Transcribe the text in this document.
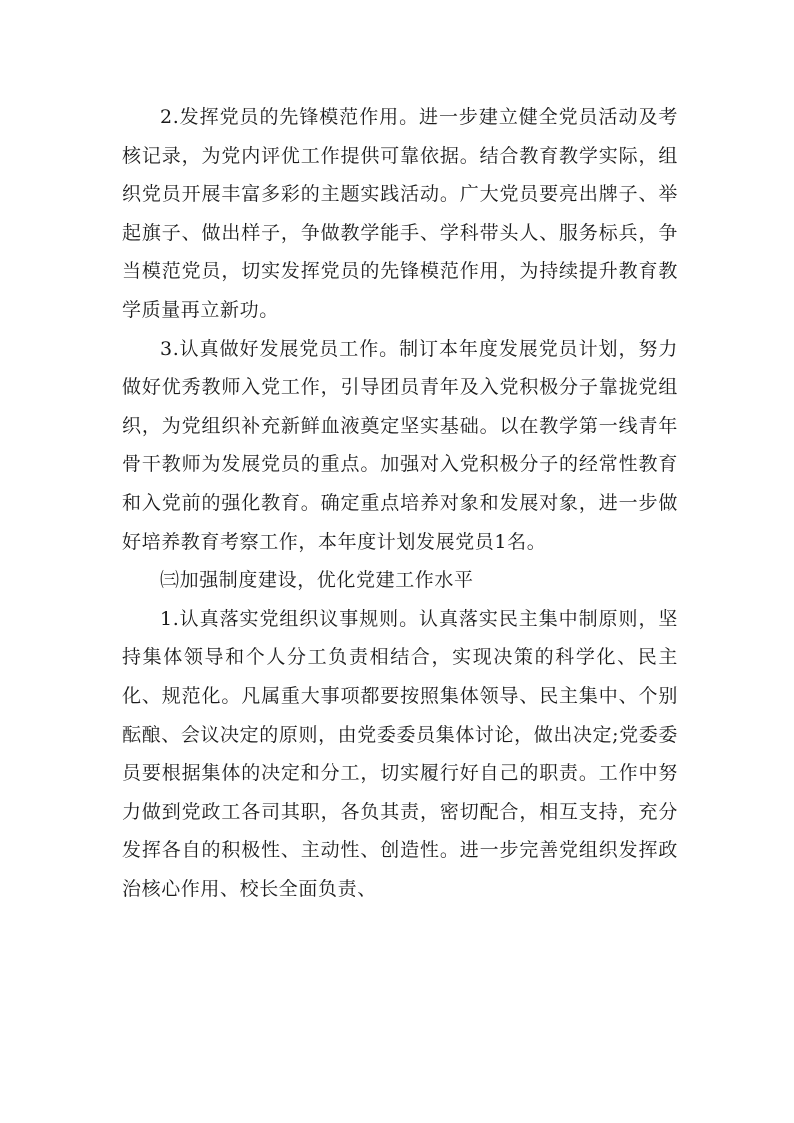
2.发挥党员的先锋模范作用。进一步建立健全党员活动及考核记录，为党内评优工作提供可靠依据。结合教育教学实际，组织党员开展丰富多彩的主题实践活动。广大党员要亮出牌子、举起旗子、做出样子，争做教学能手、学科带头人、服务标兵，争当模范党员，切实发挥党员的先锋模范作用，为持续提升教育教学质量再立新功。

3.认真做好发展党员工作。制订本年度发展党员计划，努力做好优秀教师入党工作，引导团员青年及入党积极分子靠拢党组织，为党组织补充新鲜血液奠定坚实基础。以在教学第一线青年骨干教师为发展党员的重点。加强对入党积极分子的经常性教育和入党前的强化教育。确定重点培养对象和发展对象，进一步做好培养教育考察工作，本年度计划发展党员1名。

㈢加强制度建设，优化党建工作水平

1.认真落实党组织议事规则。认真落实民主集中制原则，坚持集体领导和个人分工负责相结合，实现决策的科学化、民主化、规范化。凡属重大事项都要按照集体领导、民主集中、个别酝酿、会议决定的原则，由党委委员集体讨论，做出决定;党委委员要根据集体的决定和分工，切实履行好自己的职责。工作中努力做到党政工各司其职，各负其责，密切配合，相互支持，充分发挥各自的积极性、主动性、创造性。进一步完善党组织发挥政治核心作用、校长全面负责、
